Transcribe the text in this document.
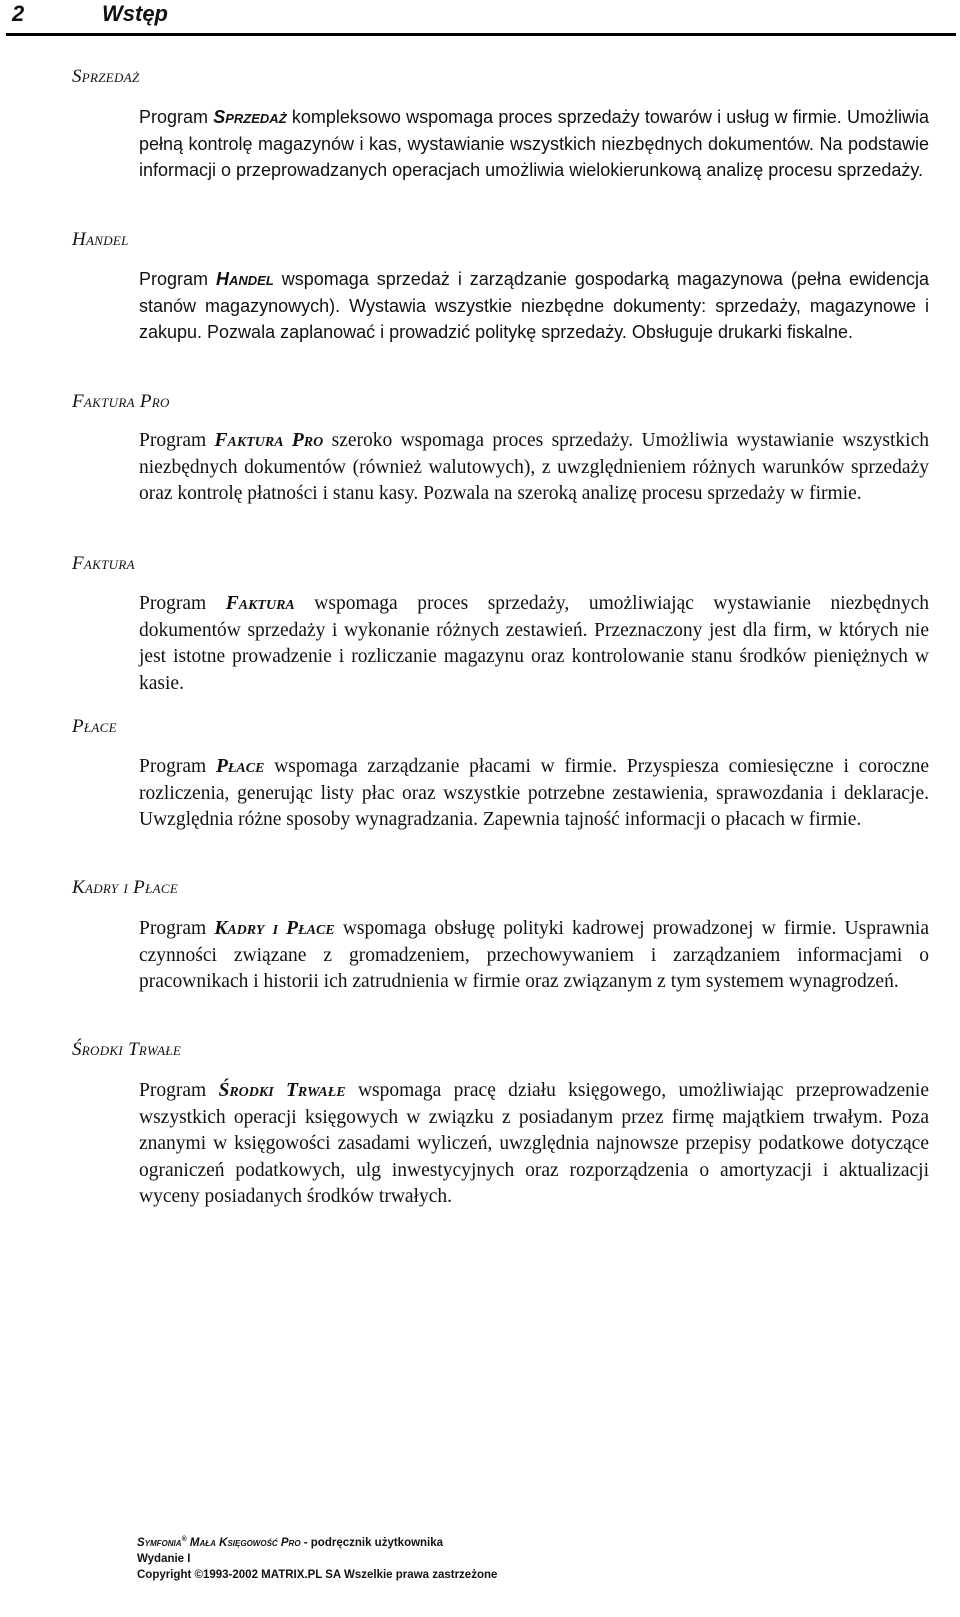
2	Wstęp
Sprzedaż
Program Sprzedaż kompleksowo wspomaga proces sprzedaży towarów i usług w firmie. Umożliwia pełną kontrolę magazynów i kas, wystawianie wszystkich niezbędnych dokumentów. Na podstawie informacji o przeprowadzanych operacjach umożliwia wielokierunkową analizę procesu sprzedaży.
Handel
Program Handel wspomaga sprzedaż i zarządzanie gospodarką magazynowa (pełna ewidencja stanów magazynowych). Wystawia wszystkie niezbędne dokumenty: sprzedaży, magazynowe i zakupu. Pozwala zaplanować i prowadzić politykę sprzedaży. Obsługuje drukarki fiskalne.
Faktura Pro
Program Faktura Pro szeroko wspomaga proces sprzedaży. Umożliwia wystawianie wszystkich niezbędnych dokumentów (również walutowych), z uwzględnieniem różnych warunków sprzedaży oraz kontrolę płatności i stanu kasy. Pozwala na szeroką analizę procesu sprzedaży w firmie.
Faktura
Program Faktura wspomaga proces sprzedaży, umożliwiając wystawianie niezbędnych dokumentów sprzedaży i wykonanie różnych zestawień. Przeznaczony jest dla firm, w których nie jest istotne prowadzenie i rozliczanie magazynu oraz kontrolowanie stanu środków pieniężnych w kasie.
Płace
Program Płace wspomaga zarządzanie płacami w firmie. Przyspiesza comiesięczne i coroczne rozliczenia, generując listy płac oraz wszystkie potrzebne zestawienia, sprawozdania i deklaracje. Uwzględnia różne sposoby wynagradzania. Zapewnia tajność informacji o płacach w firmie.
Kadry i Płace
Program Kadry i Płace wspomaga obsługę polityki kadrowej prowadzonej w firmie. Usprawnia czynności związane z gromadzeniem, przechowywaniem i zarządzaniem informacjami o pracownikach i historii ich zatrudnienia w firmie oraz związanym z tym systemem wynagrodzeń.
Środki Trwałe
Program Środki Trwałe wspomaga pracę działu księgowego, umożliwiając przeprowadzenie wszystkich operacji księgowych w związku z posiadanym przez firmę majątkiem trwałym. Poza znanymi w księgowości zasadami wyliczeń, uwzględnia najnowsze przepisy podatkowe dotyczące ograniczeń podatkowych, ulg inwestycyjnych oraz rozporządzenia o amortyzacji i aktualizacji wyceny posiadanych środków trwałych.
Symfonia® Mała Księgowość Pro - podręcznik użytkownika
Wydanie I
Copyright ©1993-2002 MATRIX.PL SA Wszelkie prawa zastrzeżone
